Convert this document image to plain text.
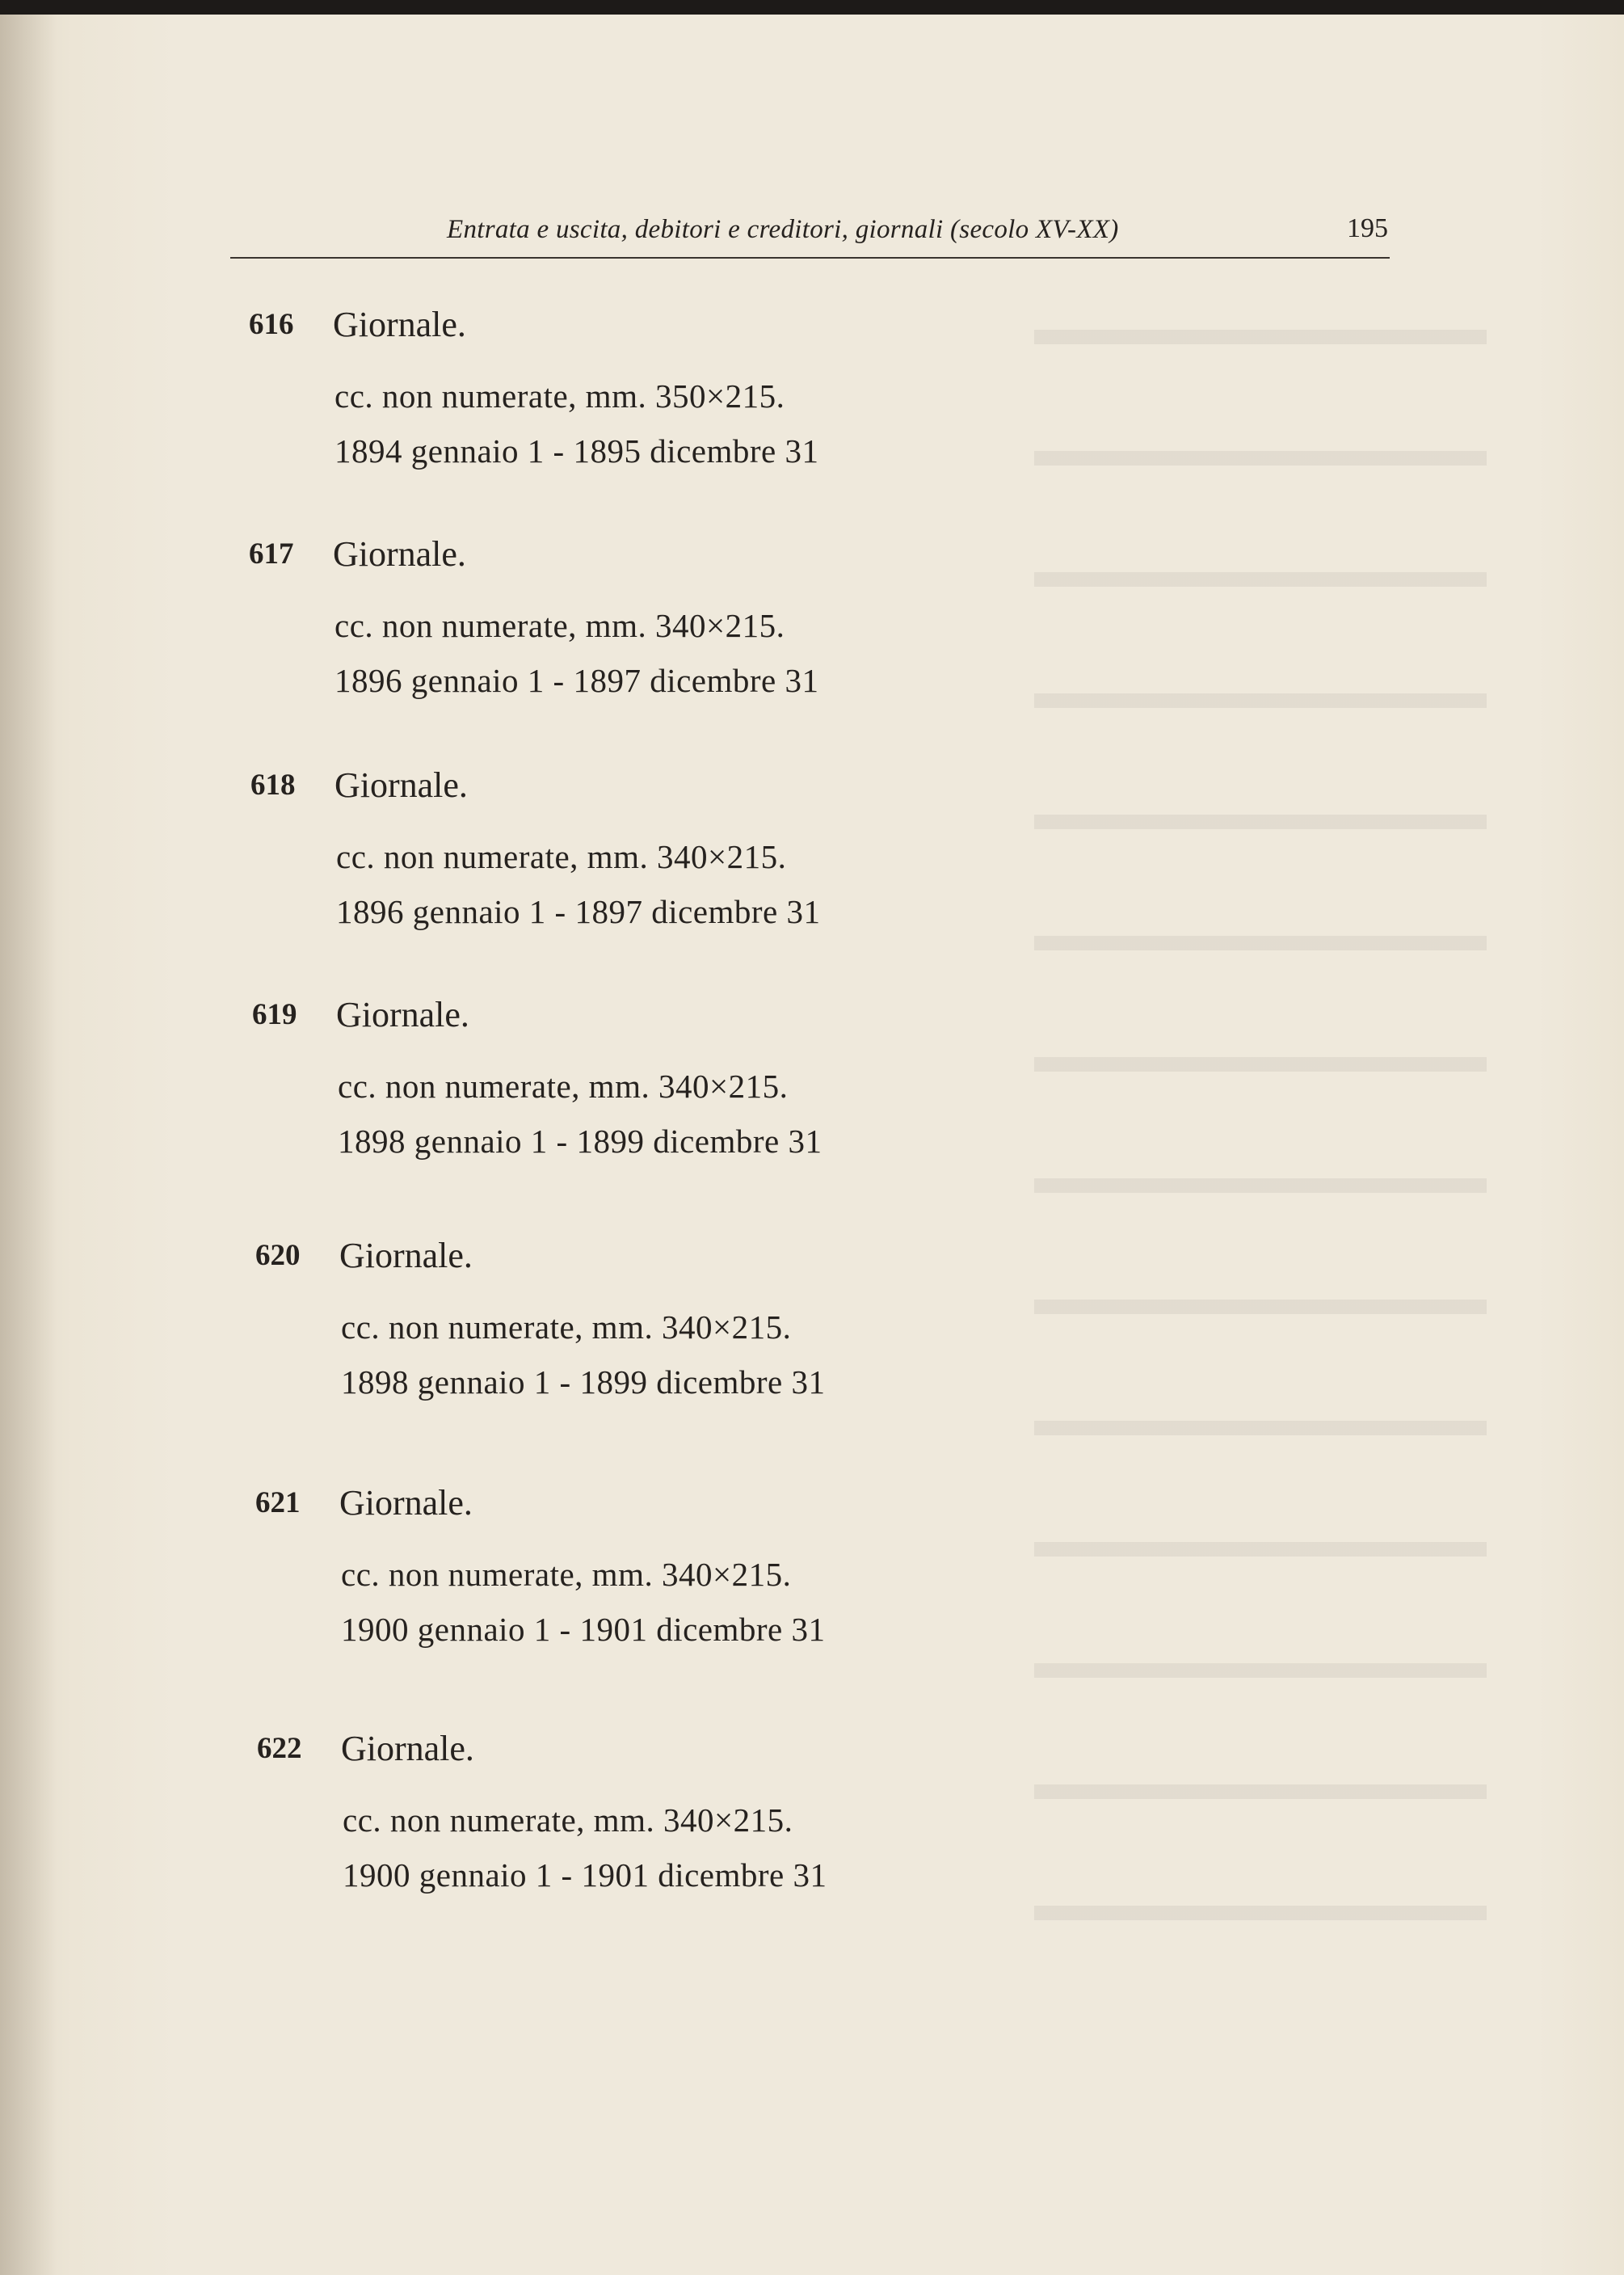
Entrata e uscita, debitori e creditori, giornali (secolo XV-XX)	195
616 Giornale.
cc. non numerate, mm. 350×215.
1894 gennaio 1 - 1895 dicembre 31
617 Giornale.
cc. non numerate, mm. 340×215.
1896 gennaio 1 - 1897 dicembre 31
618 Giornale.
cc. non numerate, mm. 340×215.
1896 gennaio 1 - 1897 dicembre 31
619 Giornale.
cc. non numerate, mm. 340×215.
1898 gennaio 1 - 1899 dicembre 31
620 Giornale.
cc. non numerate, mm. 340×215.
1898 gennaio 1 - 1899 dicembre 31
621 Giornale.
cc. non numerate, mm. 340×215.
1900 gennaio 1 - 1901 dicembre 31
622 Giornale.
cc. non numerate, mm. 340×215.
1900 gennaio 1 - 1901 dicembre 31
